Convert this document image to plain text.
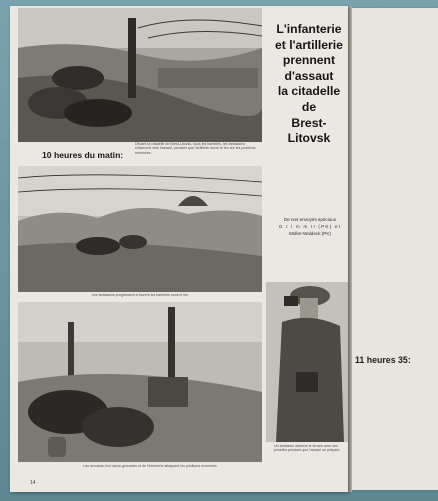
Devant la citadelle de Brest-Litovsk, sous les barbelés, les fantassins s'élancent vers l'assaut, pendant que l'artillerie ouvre le feu sur les positions ennemies.
10 heures du matin:
Les fantassins progressent à travers les barbelés sous le feu
Les servants d'un lance-grenades et de l'infanterie attaquent les positions ennemies
Un fantassin observe le terrain avec ses jumelles pendant que l'assaut se prépare.
L'infanterie
et l'artillerie
prennent
d'assaut
la citadelle
de
Brest-
Litovsk
De nos envoyés spéciaux
G r i m m II (PK) et
Müller-Waldeck (PK)
14
11 heures 35:
